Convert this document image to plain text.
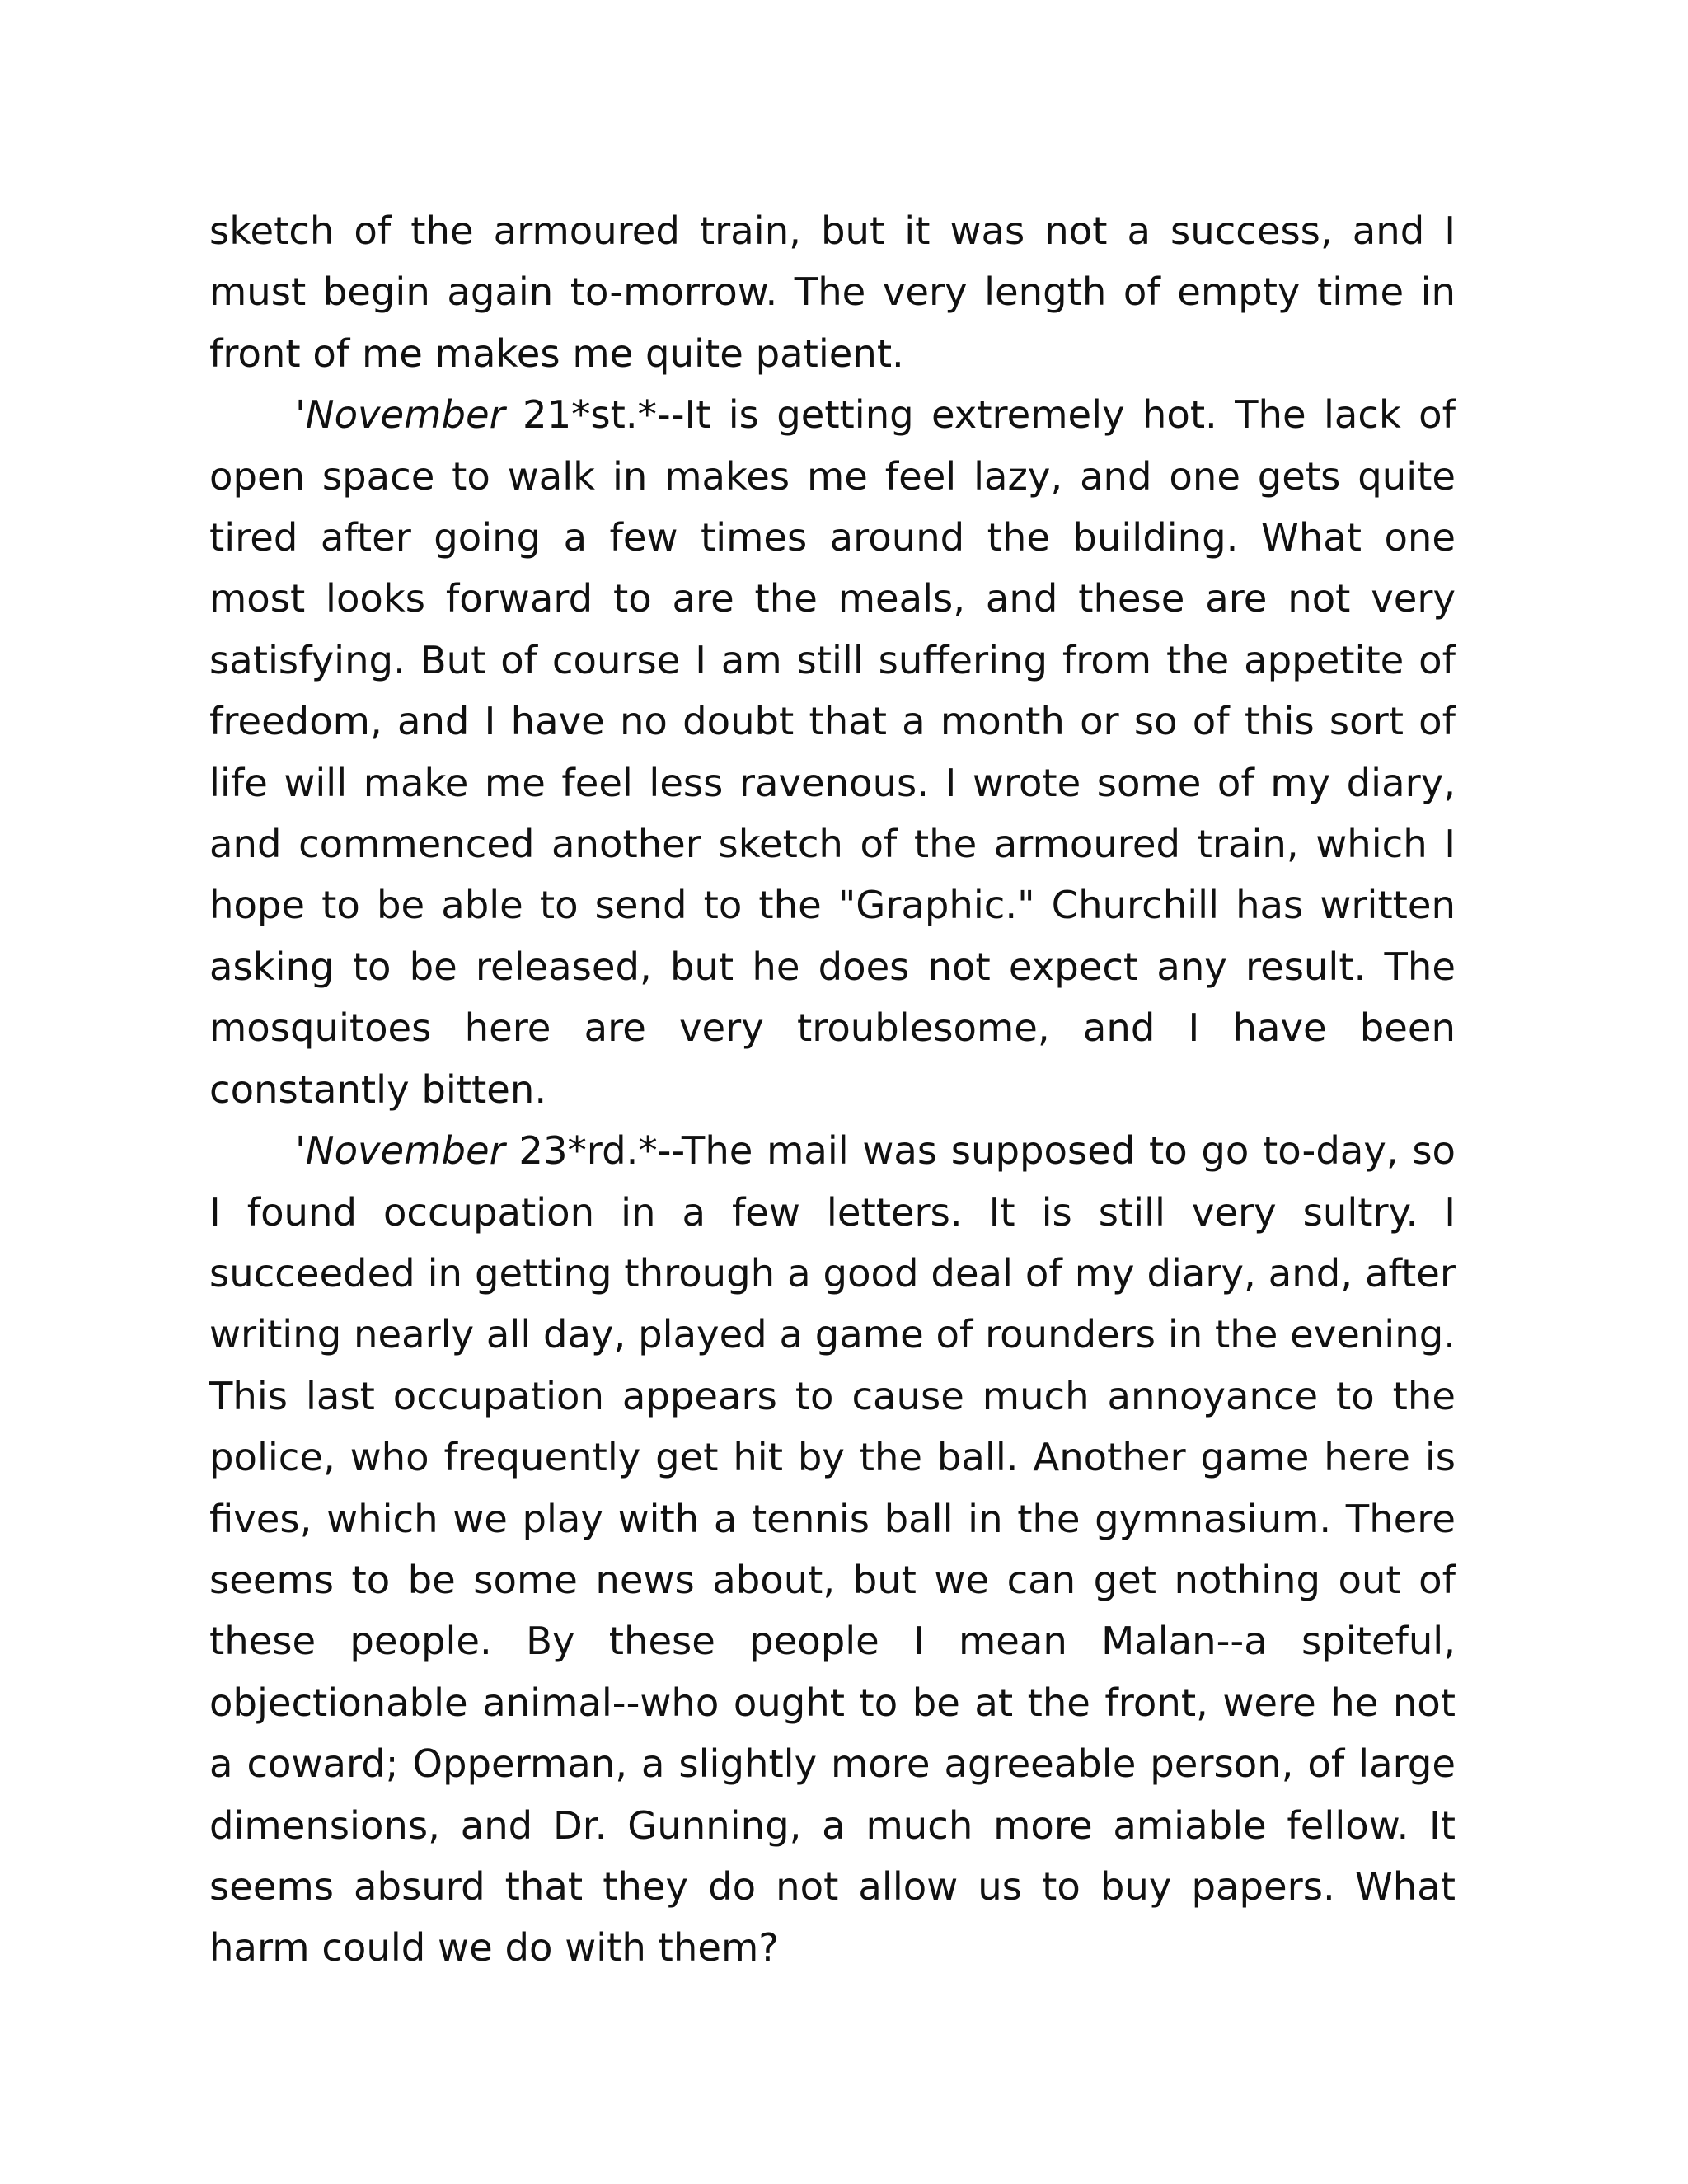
sketch of the armoured train, but it was not a success, and I must begin again to-morrow. The very length of empty time in front of me makes me quite patient.

'November 21*st.*--It is getting extremely hot. The lack of open space to walk in makes me feel lazy, and one gets quite tired after going a few times around the building. What one most looks forward to are the meals, and these are not very satisfying. But of course I am still suffering from the appetite of freedom, and I have no doubt that a month or so of this sort of life will make me feel less ravenous. I wrote some of my diary, and commenced another sketch of the armoured train, which I hope to be able to send to the "Graphic." Churchill has written asking to be released, but he does not expect any result. The mosquitoes here are very troublesome, and I have been constantly bitten.

'November 23*rd.*--The mail was supposed to go to-day, so I found occupation in a few letters. It is still very sultry. I succeeded in getting through a good deal of my diary, and, after writing nearly all day, played a game of rounders in the evening. This last occupation appears to cause much annoyance to the police, who frequently get hit by the ball. Another game here is fives, which we play with a tennis ball in the gymnasium. There seems to be some news about, but we can get nothing out of these people. By these people I mean Malan--a spiteful, objectionable animal--who ought to be at the front, were he not a coward; Opperman, a slightly more agreeable person, of large dimensions, and Dr. Gunning, a much more amiable fellow. It seems absurd that they do not allow us to buy papers. What harm could we do with them?
